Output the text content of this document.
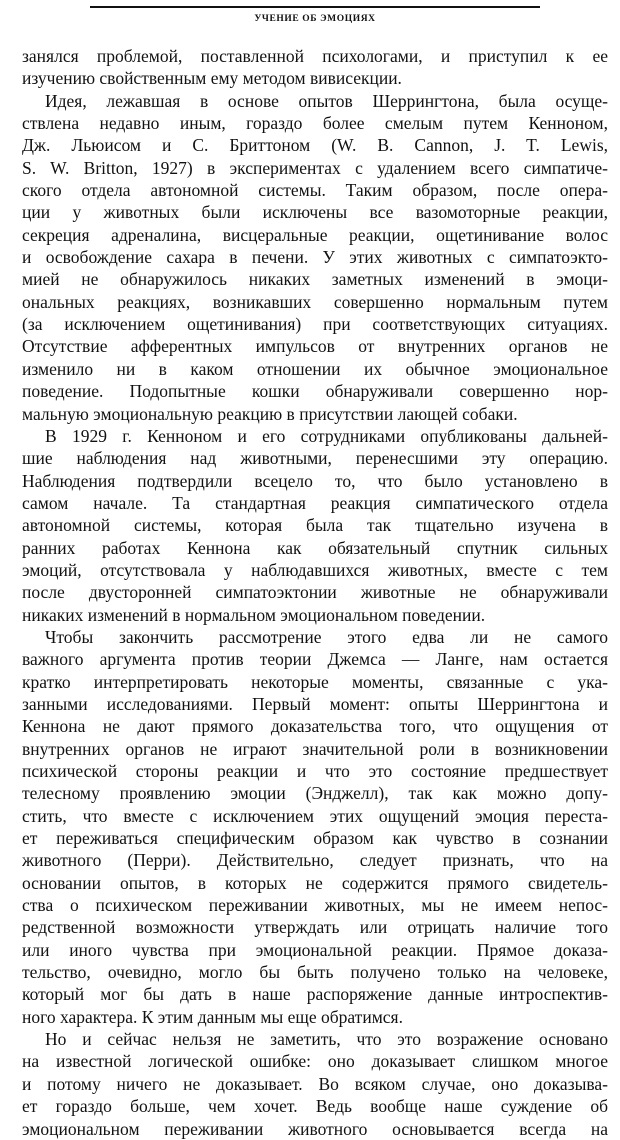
УЧЕНИЕ ОБ ЭМОЦИЯХ
занялся проблемой, поставленной психологами, и приступил к ее
изучению свойственным ему методом вивисекции.
Идея, лежавшая в основе опытов Шеррингтона, была осуще-
ствлена недавно иным, гораздо более смелым путем Кенноном,
Дж. Льюисом и С. Бриттоном (W. B. Cannon, J. T. Lewis,
S. W. Britton, 1927) в экспериментах с удалением всего симпатиче-
ского отдела автономной системы. Таким образом, после опера-
ции у животных были исключены все вазомоторные реакции,
секреция адреналина, висцеральные реакции, ощетинивание волос
и освобождение сахара в печени. У этих животных с симпатоэкто-
мией не обнаружилось никаких заметных изменений в эмоци-
ональных реакциях, возникавших совершенно нормальным путем
(за исключением ощетинивания) при соответствующих ситуациях.
Отсутствие афферентных импульсов от внутренних органов не
изменило ни в каком отношении их обычное эмоциональное
поведение. Подопытные кошки обнаруживали совершенно нор-
мальную эмоциональную реакцию в присутствии лающей собаки.
В 1929 г. Кенноном и его сотрудниками опубликованы дальней-
шие наблюдения над животными, перенесшими эту операцию.
Наблюдения подтвердили всецело то, что было установлено в
самом начале. Та стандартная реакция симпатического отдела
автономной системы, которая была так тщательно изучена в
ранних работах Кеннона как обязательный спутник сильных
эмоций, отсутствовала у наблюдавшихся животных, вместе с тем
после двусторонней симпатоэктонии животные не обнаруживали
никаких изменений в нормальном эмоциональном поведении.
Чтобы закончить рассмотрение этого едва ли не самого
важного аргумента против теории Джемса — Ланге, нам остается
кратко интерпретировать некоторые моменты, связанные с ука-
занными исследованиями. Первый момент: опыты Шеррингтона и
Кеннона не дают прямого доказательства того, что ощущения от
внутренних органов не играют значительной роли в возникновении
психической стороны реакции и что это состояние предшествует
телесному проявлению эмоции (Энджелл), так как можно допу-
стить, что вместе с исключением этих ощущений эмоция переста-
ет переживаться специфическим образом как чувство в сознании
животного (Перри). Действительно, следует признать, что на
основании опытов, в которых не содержится прямого свидетель-
ства о психическом переживании животных, мы не имеем непос-
редственной возможности утверждать или отрицать наличие того
или иного чувства при эмоциональной реакции. Прямое доказа-
тельство, очевидно, могло бы быть получено только на человеке,
который мог бы дать в наше распоряжение данные интроспектив-
ного характера. К этим данным мы еще обратимся.
Но и сейчас нельзя не заметить, что это возражение основано
на известной логической ошибке: оно доказывает слишком многое
и потому ничего не доказывает. Во всяком случае, оно доказыва-
ет гораздо больше, чем хочет. Ведь вообще наше суждение об
эмоциональном переживании животного основывается всегда на
